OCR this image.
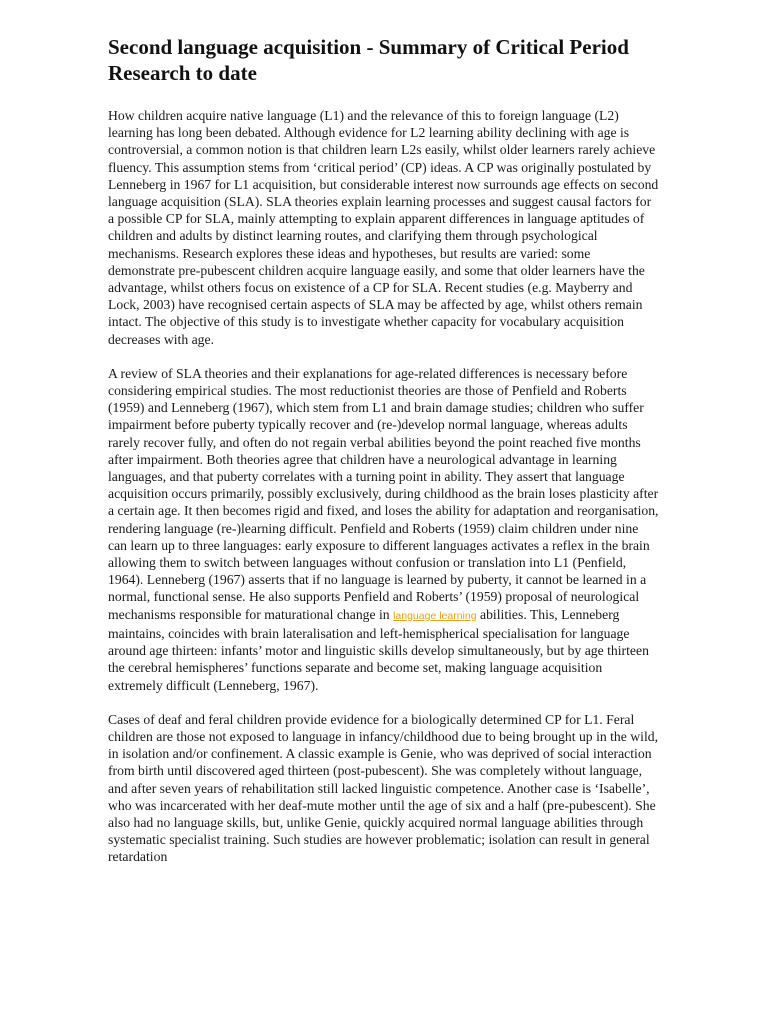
Second language acquisition - Summary of Critical Period Research to date

How children acquire native language (L1) and the relevance of this to foreign language (L2) learning has long been debated. Although evidence for L2 learning ability declining with age is controversial, a common notion is that children learn L2s easily, whilst older learners rarely achieve fluency. This assumption stems from ‘critical period’ (CP) ideas. A CP was originally postulated by Lenneberg in 1967 for L1 acquisition, but considerable interest now surrounds age effects on second language acquisition (SLA). SLA theories explain learning processes and suggest causal factors for a possible CP for SLA, mainly attempting to explain apparent differences in language aptitudes of children and adults by distinct learning routes, and clarifying them through psychological mechanisms. Research explores these ideas and hypotheses, but results are varied: some demonstrate pre-pubescent children acquire language easily, and some that older learners have the advantage, whilst others focus on existence of a CP for SLA. Recent studies (e.g. Mayberry and Lock, 2003) have recognised certain aspects of SLA may be affected by age, whilst others remain intact. The objective of this study is to investigate whether capacity for vocabulary acquisition decreases with age.

A review of SLA theories and their explanations for age-related differences is necessary before considering empirical studies. The most reductionist theories are those of Penfield and Roberts (1959) and Lenneberg (1967), which stem from L1 and brain damage studies; children who suffer impairment before puberty typically recover and (re-)develop normal language, whereas adults rarely recover fully, and often do not regain verbal abilities beyond the point reached five months after impairment. Both theories agree that children have a neurological advantage in learning languages, and that puberty correlates with a turning point in ability. They assert that language acquisition occurs primarily, possibly exclusively, during childhood as the brain loses plasticity after a certain age. It then becomes rigid and fixed, and loses the ability for adaptation and reorganisation, rendering language (re-)learning difficult. Penfield and Roberts (1959) claim children under nine can learn up to three languages: early exposure to different languages activates a reflex in the brain allowing them to switch between languages without confusion or translation into L1 (Penfield, 1964). Lenneberg (1967) asserts that if no language is learned by puberty, it cannot be learned in a normal, functional sense. He also supports Penfield and Roberts’ (1959) proposal of neurological mechanisms responsible for maturational change in language learning abilities. This, Lenneberg maintains, coincides with brain lateralisation and left-hemispherical specialisation for language around age thirteen: infants’ motor and linguistic skills develop simultaneously, but by age thirteen the cerebral hemispheres’ functions separate and become set, making language acquisition extremely difficult (Lenneberg, 1967).

Cases of deaf and feral children provide evidence for a biologically determined CP for L1. Feral children are those not exposed to language in infancy/childhood due to being brought up in the wild, in isolation and/or confinement. A classic example is Genie, who was deprived of social interaction from birth until discovered aged thirteen (post-pubescent). She was completely without language, and after seven years of rehabilitation still lacked linguistic competence. Another case is ‘Isabelle’, who was incarcerated with her deaf-mute mother until the age of six and a half (pre-pubescent). She also had no language skills, but, unlike Genie, quickly acquired normal language abilities through systematic specialist training. Such studies are however problematic; isolation can result in general retardation
